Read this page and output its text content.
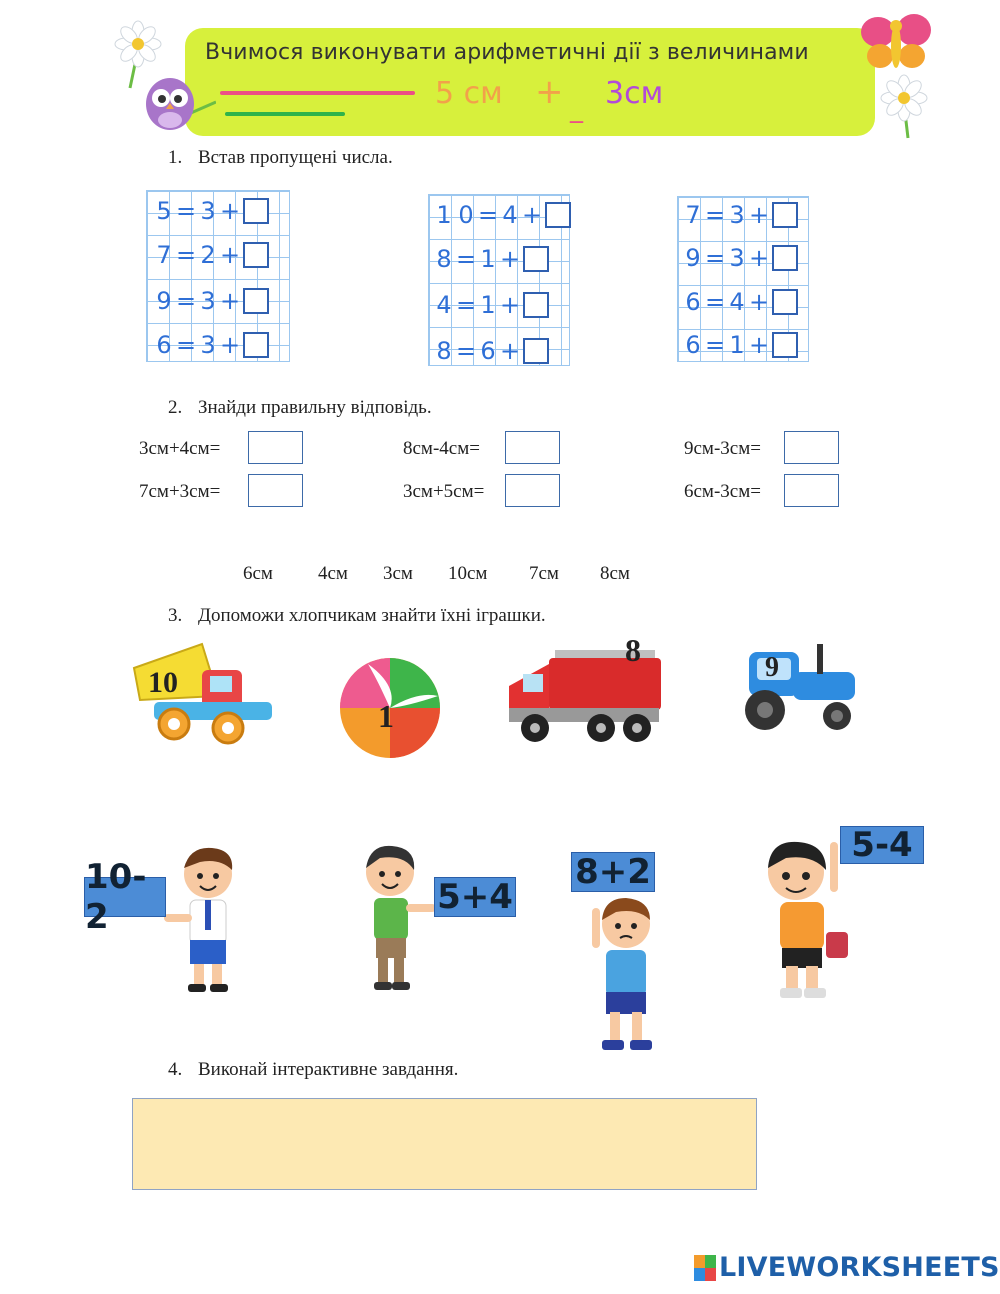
Вчимося виконувати арифметичні дії з величинами
5 см + _ 3см
1. Встав пропущені числа.
5 = 3 +
7 = 2 +
9 = 3 +
6 = 3 +
1 0 = 4 +
8 = 1 +
4 = 1 +
8 = 6 +
7 = 3 +
9 = 3 +
6 = 4 +
6 = 1 +
2. Знайди правильну відповідь.
3см+4см=	8см-4см=	9см-3см=
7см+3см=	3см+5см=	6см-3см=
6см 4см 3см 10см 7см 8см
3. Допоможи хлопчикам знайти їхні іграшки.
10
1
8	9
10-2	5+4
8+2
5-4
4. Виконай інтерактивне завдання.
LIVEWORKSHEETS
